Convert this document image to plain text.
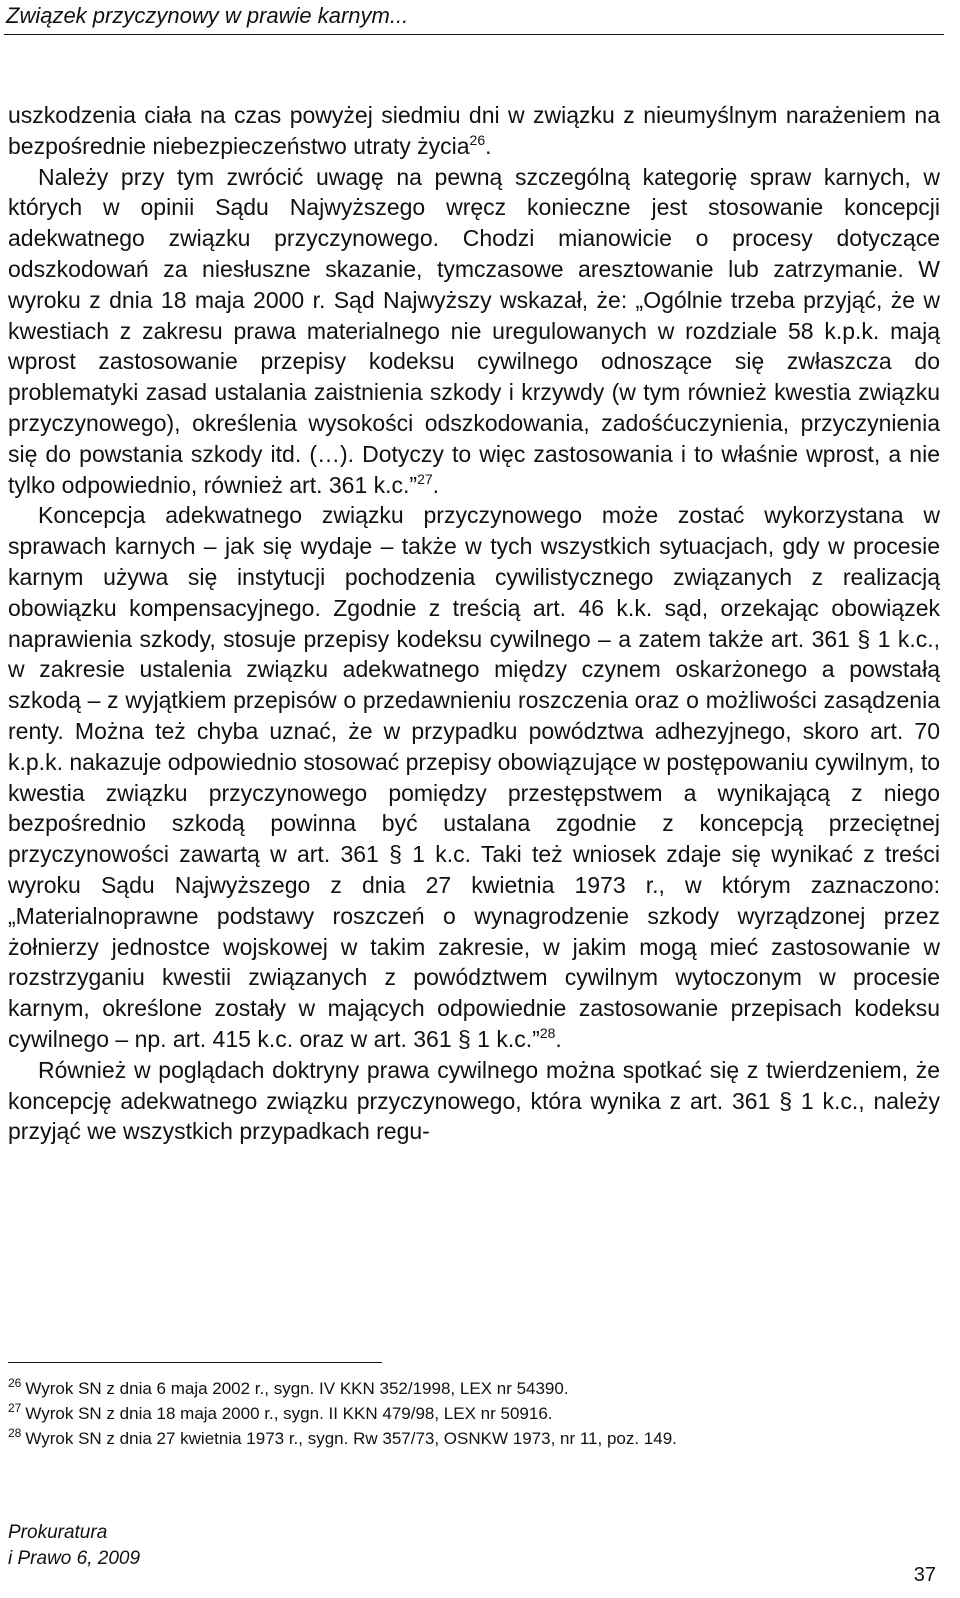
Związek przyczynowy w prawie karnym...

uszkodzenia ciała na czas powyżej siedmiu dni w związku z nieumyślnym narażeniem na bezpośrednie niebezpieczeństwo utraty życia$^{26}$.

Należy przy tym zwrócić uwagę na pewną szczególną kategorię spraw karnych, w których w opinii Sądu Najwyższego wręcz konieczne jest stosowanie koncepcji adekwatnego związku przyczynowego. Chodzi mianowicie o procesy dotyczące odszkodowań za niesłuszne skazanie, tymczasowe aresztowanie lub zatrzymanie. W wyroku z dnia 18 maja 2000 r. Sąd Najwyższy wskazał, że: „Ogólnie trzeba przyjąć, że w kwestiach z zakresu prawa materialnego nie uregulowanych w rozdziale 58 k.p.k. mają wprost zastosowanie przepisy kodeksu cywilnego odnoszące się zwłaszcza do problematyki zasad ustalania zaistnienia szkody i krzywdy (w tym również kwestia związku przyczynowego), określenia wysokości odszkodowania, zadośćuczynienia, przyczynienia się do powstania szkody itd. (…). Dotyczy to więc zastosowania i to właśnie wprost, a nie tylko odpowiednio, również art. 361 k.c.”$^{27}$.

Koncepcja adekwatnego związku przyczynowego może zostać wykorzystana w sprawach karnych – jak się wydaje – także w tych wszystkich sytuacjach, gdy w procesie karnym używa się instytucji pochodzenia cywilistycznego związanych z realizacją obowiązku kompensacyjnego. Zgodnie z treścią art. 46 k.k. sąd, orzekając obowiązek naprawienia szkody, stosuje przepisy kodeksu cywilnego – a zatem także art. 361 § 1 k.c., w zakresie ustalenia związku adekwatnego między czynem oskarżonego a powstałą szkodą – z wyjątkiem przepisów o przedawnieniu roszczenia oraz o możliwości zasądzenia renty. Można też chyba uznać, że w przypadku powództwa adhezyjnego, skoro art. 70 k.p.k. nakazuje odpowiednio stosować przepisy obowiązujące w postępowaniu cywilnym, to kwestia związku przyczynowego pomiędzy przestępstwem a wynikającą z niego bezpośrednio szkodą powinna być ustalana zgodnie z koncepcją przeciętnej przyczynowości zawartą w art. 361 § 1 k.c. Taki też wniosek zdaje się wynikać z treści wyroku Sądu Najwyższego z dnia 27 kwietnia 1973 r., w którym zaznaczono: „Materialnoprawne podstawy roszczeń o wynagrodzenie szkody wyrządzonej przez żołnierzy jednostce wojskowej w takim zakresie, w jakim mogą mieć zastosowanie w rozstrzyganiu kwestii związanych z powództwem cywilnym wytoczonym w procesie karnym, określone zostały w mających odpowiednie zastosowanie przepisach kodeksu cywilnego – np. art. 415 k.c. oraz w art. 361 § 1 k.c.”$^{28}$.

Również w poglądach doktryny prawa cywilnego można spotkać się z twierdzeniem, że koncepcję adekwatnego związku przyczynowego, która wynika z art. 361 § 1 k.c., należy przyjąć we wszystkich przypadkach regu-

$^{26}$ Wyrok SN z dnia 6 maja 2002 r., sygn. IV KKN 352/1998, LEX nr 54390.
$^{27}$ Wyrok SN z dnia 18 maja 2000 r., sygn. II KKN 479/98, LEX nr 50916.
$^{28}$ Wyrok SN z dnia 27 kwietnia 1973 r., sygn. Rw 357/73, OSNKW 1973, nr 11, poz. 149.
Prokuratura
i Prawo 6, 2009
37
